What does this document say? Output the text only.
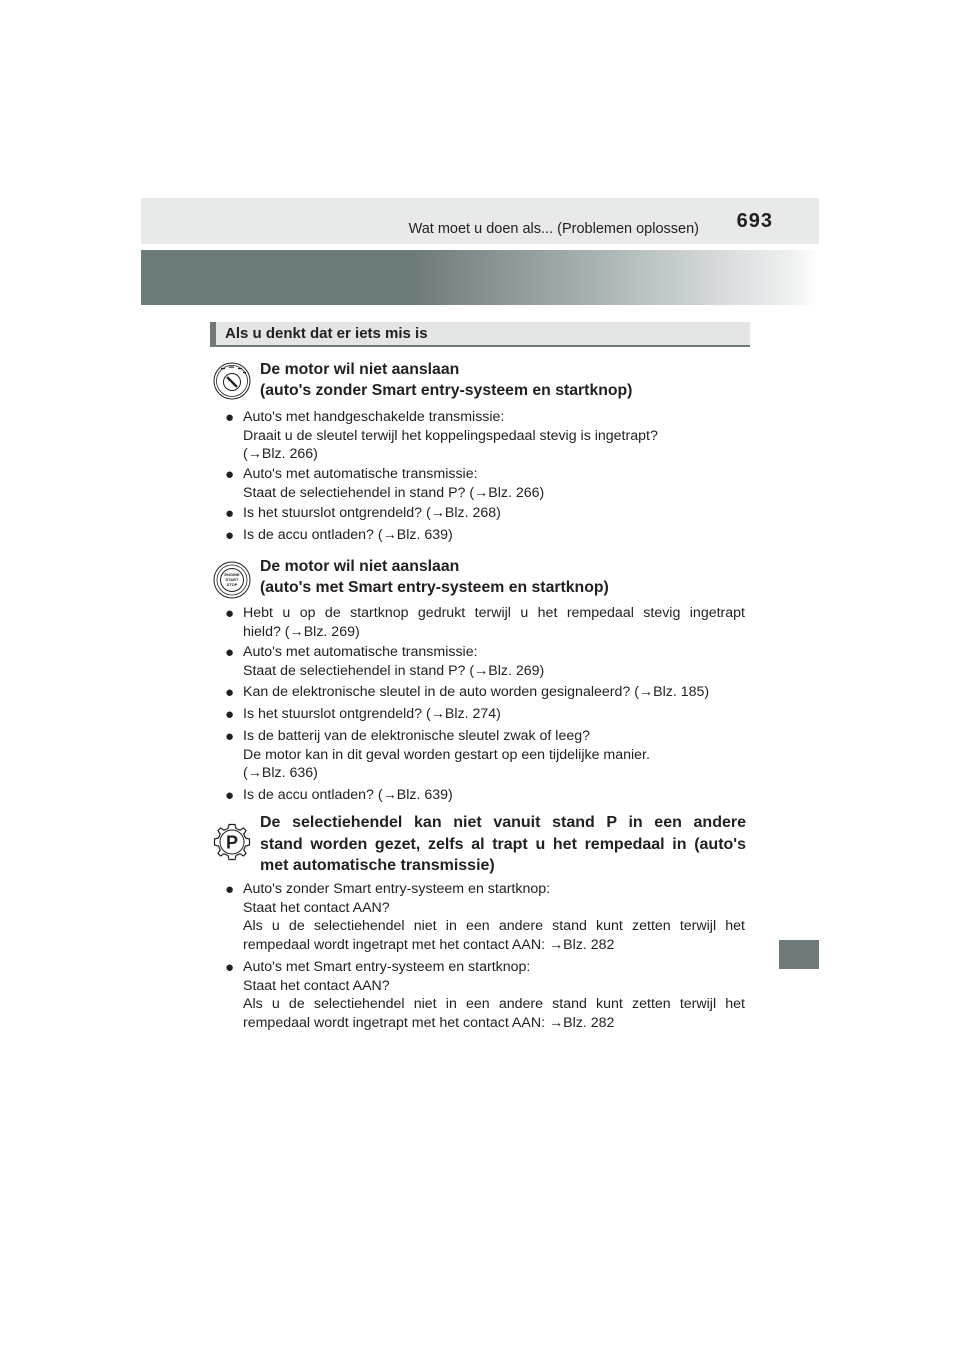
Wat moet u doen als... (Problemen oplossen) 693
Als u denkt dat er iets mis is
De motor wil niet aanslaan
(auto's zonder Smart entry-systeem en startknop)
● Auto's met handgeschakelde transmissie:
Draait u de sleutel terwijl het koppelingspedaal stevig is ingetrapt?
(→Blz. 266)
● Auto's met automatische transmissie:
Staat de selectiehendel in stand P? (→Blz. 266)
● Is het stuurslot ontgrendeld? (→Blz. 268)
● Is de accu ontladen? (→Blz. 639)
ENGINE
START
STOP
De motor wil niet aanslaan
(auto's met Smart entry-systeem en startknop)
● Hebt u op de startknop gedrukt terwijl u het rempedaal stevig ingetrapt
hield? (→Blz. 269)
● Auto's met automatische transmissie:
Staat de selectiehendel in stand P? (→Blz. 269)
● Kan de elektronische sleutel in de auto worden gesignaleerd? (→Blz. 185)
● Is het stuurslot ontgrendeld? (→Blz. 274)
● Is de batterij van de elektronische sleutel zwak of leeg?
De motor kan in dit geval worden gestart op een tijdelijke manier.
(→Blz. 636)
● Is de accu ontladen? (→Blz. 639)
P
De selectiehendel kan niet vanuit stand P in een andere
stand worden gezet, zelfs al trapt u het rempedaal in (auto's
met automatische transmissie)
● Auto's zonder Smart entry-systeem en startknop:
Staat het contact AAN?
Als u de selectiehendel niet in een andere stand kunt zetten terwijl het
rempedaal wordt ingetrapt met het contact AAN: →Blz. 282
● Auto's met Smart entry-systeem en startknop:
Staat het contact AAN?
Als u de selectiehendel niet in een andere stand kunt zetten terwijl het
rempedaal wordt ingetrapt met het contact AAN: →Blz. 282
